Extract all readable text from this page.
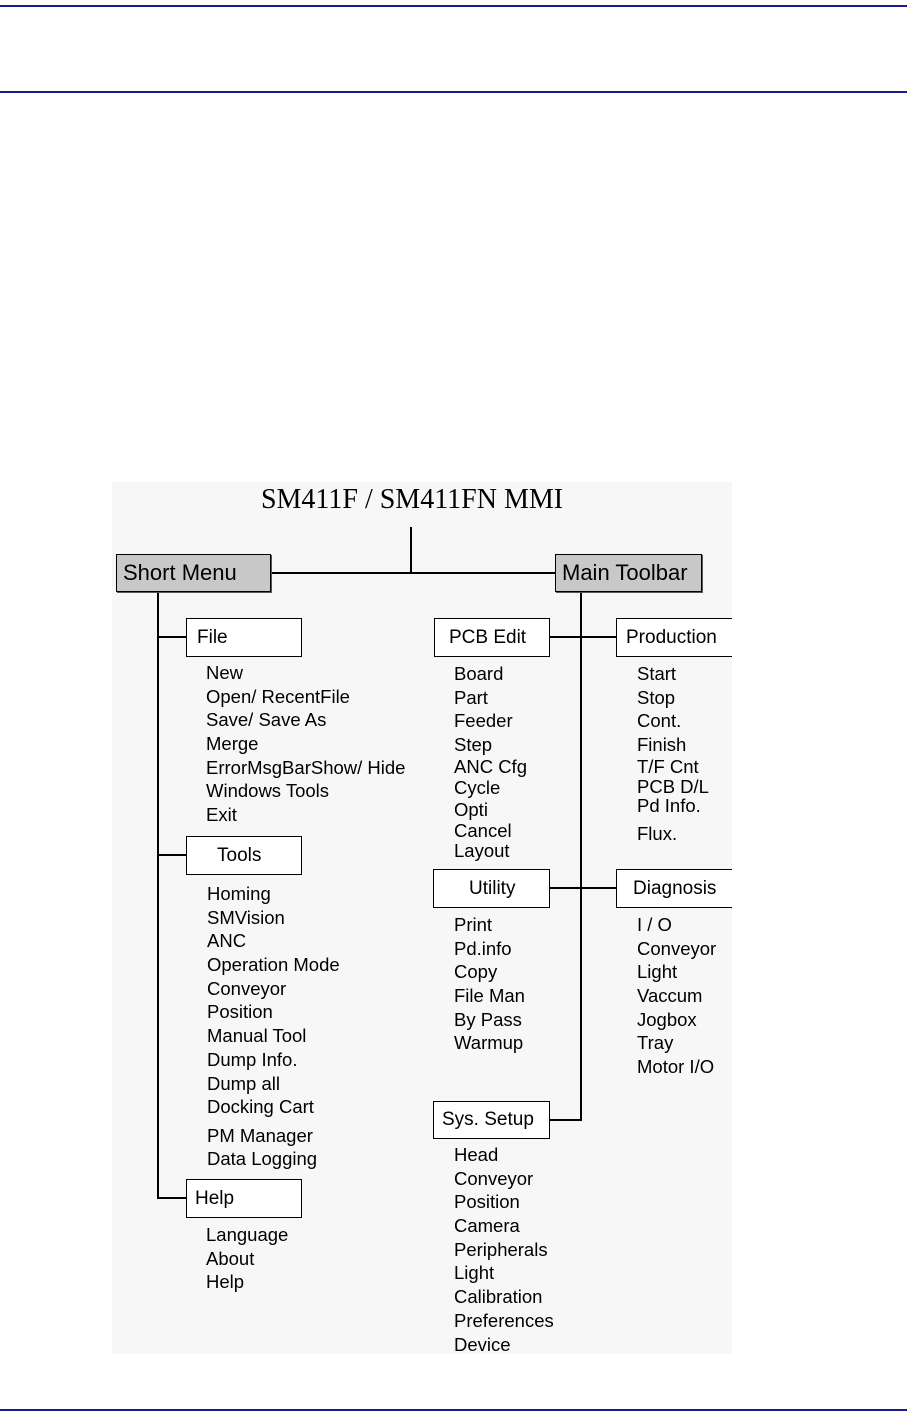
SM411F / SM411FN MMI
Short Menu	Main Toolbar
File
New
Open/ RecentFile
Save/ Save As
Merge
ErrorMsgBarShow/ Hide
Windows Tools
Exit
Tools
Homing
SMVision
ANC
Operation Mode
Conveyor
Position
Manual Tool
Dump Info.
Dump all
Docking Cart
PM Manager
Data Logging
Help
Language
About
Help
PCB Edit
Board
Part
Feeder
Step
ANC Cfg
Cycle
Opti
Cancel
Layout
Production
Start
Stop
Cont.
Finish
T/F Cnt
PCB D/L
Pd Info.
Flux.
Utility
Print
Pd.info
Copy
File Man
By Pass
Warmup
Diagnosis
I / O
Conveyor
Light
Vaccum
Jogbox
Tray
Motor I/O
Sys. Setup
Head
Conveyor
Position
Camera
Peripherals
Light
Calibration
Preferences
Device
